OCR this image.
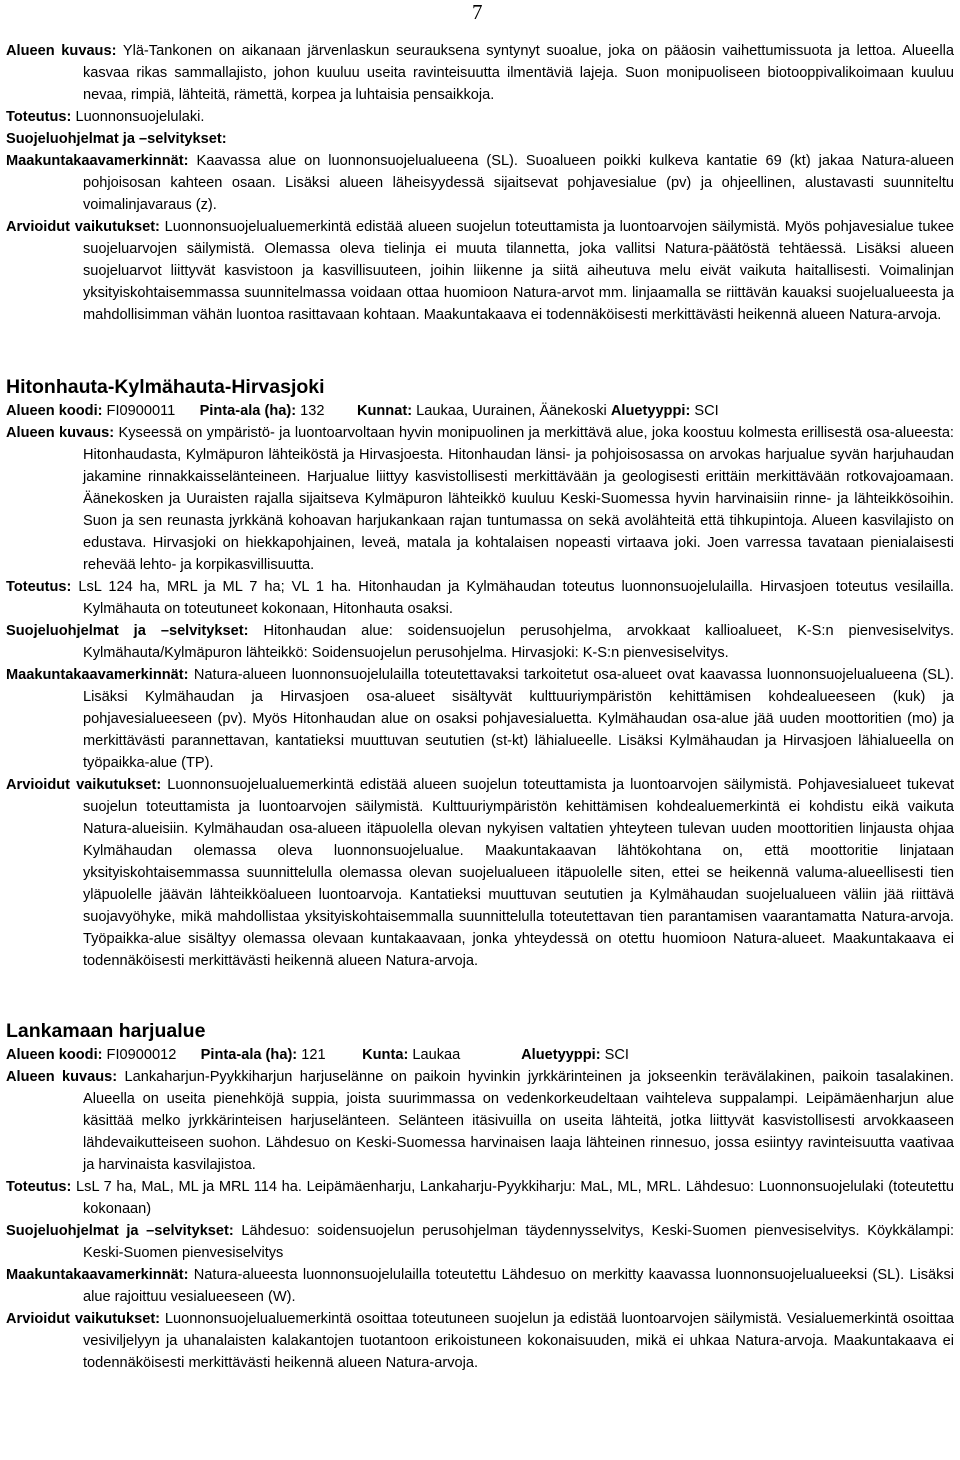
7

Alueen kuvaus: Ylä-Tankonen on aikanaan järvenlaskun seurauksena syntynyt suoalue, joka on pääosin vaihettumissuota ja lettoa. Alueella kasvaa rikas sammallajisto, johon kuuluu useita ravinteisuutta ilmentäviä lajeja. Suon monipuoliseen biotooppivalikoimaan kuuluu nevaa, rimpiä, lähteitä, rämettä, korpea ja luhtaisia pensaikkoja.

Toteutus: Luonnonsuojelulaki.

Suojeluohjelmat ja –selvitykset:

Maakuntakaavamerkinnät: Kaavassa alue on luonnonsuojelualueena (SL). Suoalueen poikki kulkeva kantatie 69 (kt) jakaa Natura-alueen pohjoisosan kahteen osaan. Lisäksi alueen läheisyydessä sijaitsevat pohjavesialue (pv) ja ohjeellinen, alustavasti suunniteltu voimalinjavaraus (z).

Arvioidut vaikutukset: Luonnonsuojelualuemerkintä edistää alueen suojelun toteuttamista ja luontoarvojen säilymistä. Myös pohjavesialue tukee suojeluarvojen säilymistä. Olemassa oleva tielinja ei muuta tilannetta, joka vallitsi Natura-päätöstä tehtäessä. Lisäksi alueen suojeluarvot liittyvät kasvistoon ja kasvillisuuteen, joihin liikenne ja siitä aiheutuva melu eivät vaikuta haitallisesti. Voimalinjan yksityiskohtaisemmassa suunnitelmassa voidaan ottaa huomioon Natura-arvot mm. linjaamalla se riittävän kauaksi suojelualueesta ja mahdollisimman vähän luontoa rasittavaan kohtaan. Maakuntakaava ei todennäköisesti merkittävästi heikennä alueen Natura-arvoja.

Hitonhauta-Kylmähauta-Hirvasjoki

Alueen koodi: FI0900011 Pinta-ala (ha): 132 Kunnat: Laukaa, Uurainen, Äänekoski Aluetyyppi: SCI

Alueen kuvaus: Kyseessä on ympäristö- ja luontoarvoltaan hyvin monipuolinen ja merkittävä alue, joka koostuu kolmesta erillisestä osa-alueesta: Hitonhaudasta, Kylmäpuron lähteiköstä ja Hirvasjoesta. Hitonhaudan länsi- ja pohjoisosassa on arvokas harjualue syvän harjuhaudan jakamine rinnakkaisselänteineen. Harjualue liittyy kasvistollisesti merkittävään ja geologisesti erittäin merkittävään rotkovajoamaan. Äänekosken ja Uuraisten rajalla sijaitseva Kylmäpuron lähteikkö kuuluu Keski-Suomessa hyvin harvinaisiin rinne- ja lähteikkösoihin. Suon ja sen reunasta jyrkkänä kohoavan harjukankaan rajan tuntumassa on sekä avolähteitä että tihkupintoja. Alueen kasvilajisto on edustava. Hirvasjoki on hiekkapohjainen, leveä, matala ja kohtalaisen nopeasti virtaava joki. Joen varressa tavataan pienialaisesti rehevää lehto- ja korpikasvillisuutta.

Toteutus: LsL 124 ha, MRL ja ML 7 ha; VL 1 ha. Hitonhaudan ja Kylmähaudan toteutus luonnonsuojelulailla. Hirvasjoen toteutus vesilailla. Kylmähauta on toteutuneet kokonaan, Hitonhauta osaksi.

Suojeluohjelmat ja –selvitykset: Hitonhaudan alue: soidensuojelun perusohjelma, arvokkaat kallioalueet, K-S:n pienvesiselvitys. Kylmähauta/Kylmäpuron lähteikkö: Soidensuojelun perusohjelma. Hirvasjoki: K-S:n pienvesiselvitys.

Maakuntakaavamerkinnät: Natura-alueen luonnonsuojelulailla toteutettavaksi tarkoitetut osa-alueet ovat kaavassa luonnonsuojelualueena (SL). Lisäksi Kylmähaudan ja Hirvasjoen osa-alueet sisältyvät kulttuuriympäristön kehittämisen kohdealueeseen (kuk) ja pohjavesialueeseen (pv). Myös Hitonhaudan alue on osaksi pohjavesialuetta. Kylmähaudan osa-alue jää uuden moottoritien (mo) ja merkittävästi parannettavan, kantatieksi muuttuvan seututien (st-kt) lähialueelle. Lisäksi Kylmähaudan ja Hirvasjoen lähialueella on työpaikka-alue (TP).

Arvioidut vaikutukset: Luonnonsuojelualuemerkintä edistää alueen suojelun toteuttamista ja luontoarvojen säilymistä. Pohjavesialueet tukevat suojelun toteuttamista ja luontoarvojen säilymistä. Kulttuuriympäristön kehittämisen kohdealuemerkintä ei kohdistu eikä vaikuta Natura-alueisiin. Kylmähaudan osa-alueen itäpuolella olevan nykyisen valtatien yhteyteen tulevan uuden moottoritien linjausta ohjaa Kylmähaudan olemassa oleva luonnonsuojelualue. Maakuntakaavan lähtökohtana on, että moottoritie linjataan yksityiskohtaisemmassa suunnittelulla olemassa olevan suojelualueen itäpuolelle siten, ettei se heikennä valuma-alueellisesti tien yläpuolelle jäävän lähteikköalueen luontoarvoja. Kantatieksi muuttuvan seututien ja Kylmähaudan suojelualueen väliin jää riittävä suojavyöhyke, mikä mahdollistaa yksityiskohtaisemmalla suunnittelulla toteutettavan tien parantamisen vaarantamatta Natura-arvoja. Työpaikka-alue sisältyy olemassa olevaan kuntakaavaan, jonka yhteydessä on otettu huomioon Natura-alueet. Maakuntakaava ei todennäköisesti merkittävästi heikennä alueen Natura-arvoja.

Lankamaan harjualue

Alueen koodi: FI0900012 Pinta-ala (ha): 121	Kunta: Laukaa	Aluetyyppi: SCI

Alueen kuvaus: Lankaharjun-Pyykkiharjun harjuselänne on paikoin hyvinkin jyrkkärinteinen ja jokseenkin terävälakinen, paikoin tasalakinen. Alueella on useita pienehköjä suppia, joista suurimmassa on vedenkorkeudeltaan vaihteleva suppalampi. Leipämäenharjun alue käsittää melko jyrkkärinteisen harjuselänteen. Selänteen itäsivuilla on useita lähteitä, jotka liittyvät kasvistollisesti arvokkaaseen lähdevaikutteiseen suohon. Lähdesuo on Keski-Suomessa harvinaisen laaja lähteinen rinnesuo, jossa esiintyy ravinteisuutta vaativaa ja harvinaista kasvilajistoa.

Toteutus: LsL 7 ha, MaL, ML ja MRL 114 ha. Leipämäenharju, Lankaharju-Pyykkiharju: MaL, ML, MRL. Lähdesuo: Luonnonsuojelulaki (toteutettu kokonaan)

Suojeluohjelmat ja –selvitykset: Lähdesuo: soidensuojelun perusohjelman täydennysselvitys, Keski-Suomen pienvesiselvitys. Köykkälampi: Keski-Suomen pienvesiselvitys

Maakuntakaavamerkinnät: Natura-alueesta luonnonsuojelulailla toteutettu Lähdesuo on merkitty kaavassa luonnonsuojelualueeksi (SL). Lisäksi alue rajoittuu vesialueeseen (W).

Arvioidut vaikutukset: Luonnonsuojelualuemerkintä osoittaa toteutuneen suojelun ja edistää luontoarvojen säilymistä. Vesialuemerkintä osoittaa vesiviljelyyn ja uhanalaisten kalakantojen tuotantoon erikoistuneen kokonaisuuden, mikä ei uhkaa Natura-arvoja. Maakuntakaava ei todennäköisesti merkittävästi heikennä alueen Natura-arvoja.
